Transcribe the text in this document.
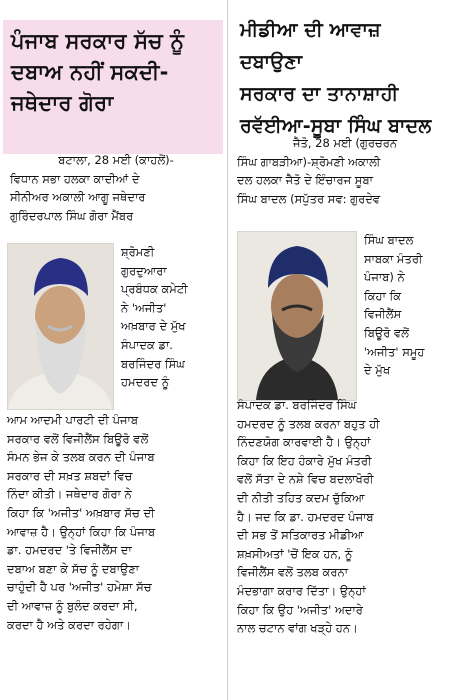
ਪੰਜਾਬ ਸਰਕਾਰ ਸੱਚ ਨੂੰ
ਦਬਾਅ ਨਹੀਂ ਸਕਦੀ-
ਜਥੇਦਾਰ ਗੋਰਾ
ਬਟਾਲਾ, 28 ਮਈ (ਕਾਹਲੋਂ)-
ਵਿਧਾਨ ਸਭਾ ਹਲਕਾ ਕਾਦੀਆਂ ਦੇ
ਸੀਨੀਅਰ ਅਕਾਲੀ ਆਗੂ ਜਥੇਦਾਰ
ਗੁਰਿੰਦਰਪਾਲ ਸਿੰਘ ਗੋਰਾ ਮੈਂਬਰ
ਸ਼੍ਰੋਮਣੀ
ਗੁਰਦੁਆਰਾ
ਪ੍ਰਬੰਧਕ ਕਮੇਟੀ
ਨੇ 'ਅਜੀਤ'
ਅਖ਼ਬਾਰ ਦੇ ਮੁੱਖ
ਸੰਪਾਦਕ ਡਾ.
ਬਰਜਿੰਦਰ ਸਿੰਘ
ਹਮਦਰਦ ਨੂੰ
ਆਮ ਆਦਮੀ ਪਾਰਟੀ ਦੀ ਪੰਜਾਬ
ਸਰਕਾਰ ਵਲੋਂ ਵਿਜੀਲੈਂਸ ਬਿਊਰੋ ਵਲੋਂ
ਸੰਮਨ ਭੇਜ ਕੇ ਤਲਬ ਕਰਨ ਦੀ ਪੰਜਾਬ
ਸਰਕਾਰ ਦੀ ਸਖ਼ਤ ਸ਼ਬਦਾਂ ਵਿਚ
ਨਿੰਦਾ ਕੀਤੀ। ਜਥੇਦਾਰ ਗੋਰਾ ਨੇ
ਕਿਹਾ ਕਿ 'ਅਜੀਤ' ਅਖ਼ਬਾਰ ਸੱਚ ਦੀ
ਆਵਾਜ਼ ਹੈ। ਉਨ੍ਹਾਂ ਕਿਹਾ ਕਿ ਪੰਜਾਬ
ਡਾ. ਹਮਦਰਦ 'ਤੇ ਵਿਜੀਲੈਂਸ ਦਾ
ਦਬਾਅ ਬਣਾ ਕੇ ਸੱਚ ਨੂੰ ਦਬਾਉਣਾ
ਚਾਹੁੰਦੀ ਹੈ ਪਰ 'ਅਜੀਤ' ਹਮੇਸ਼ਾ ਸੱਚ
ਦੀ ਆਵਾਜ਼ ਨੂੰ ਬੁਲੰਦ ਕਰਦਾ ਸੀ,
ਕਰਦਾ ਹੈ ਅਤੇ ਕਰਦਾ ਰਹੇਗਾ।
ਮੀਡੀਆ ਦੀ ਆਵਾਜ਼ ਦਬਾਉਣਾ
ਸਰਕਾਰ ਦਾ ਤਾਨਾਸ਼ਾਹੀ
ਰਵੱਈਆ-ਸੂਬਾ ਸਿੰਘ ਬਾਦਲ
ਜੈਤੋ, 28 ਮਈ (ਗੁਰਚਰਨ
ਸਿੰਘ ਗਾਬੜੀਆ)-ਸ਼੍ਰੋਮਣੀ ਅਕਾਲੀ
ਦਲ ਹਲਕਾ ਜੈਤੋ ਦੇ ਇੰਚਾਰਜ ਸੂਬਾ
ਸਿੰਘ ਬਾਦਲ (ਸਪੁੱਤਰ ਸਵ: ਗੁਰਦੇਵ
ਸਿੰਘ ਬਾਦਲ
ਸਾਬਕਾ ਮੰਤਰੀ
ਪੰਜਾਬ) ਨੇ
ਕਿਹਾ ਕਿ
ਵਿਜੀਲੈਂਸ
ਬਿਊਰੋ ਵਲੋਂ
'ਅਜੀਤ' ਸਮੂਹ
ਦੇ ਮੁੱਖ
ਸੰਪਾਦਕ ਡਾ. ਬਰਜਿੰਦਰ ਸਿੰਘ
ਹਮਦਰਦ ਨੂੰ ਤਲਬ ਕਰਨਾ ਬਹੁਤ ਹੀ
ਨਿੰਦਣਯੋਗ ਕਾਰਵਾਈ ਹੈ। ਉਨ੍ਹਾਂ
ਕਿਹਾ ਕਿ ਇਹ ਹੰਕਾਰੇ ਮੁੱਖ ਮੰਤਰੀ
ਵਲੋਂ ਸੱਤਾ ਦੇ ਨਸ਼ੇ ਵਿਚ ਬਦਲਾਖੋਰੀ
ਦੀ ਨੀਤੀ ਤਹਿਤ ਕਦਮ ਚੁੱਕਿਆ
ਹੈ। ਜਦ ਕਿ ਡਾ. ਹਮਦਰਦ ਪੰਜਾਬ
ਦੀ ਸਭ ਤੋਂ ਸਤਿਕਾਰਤ ਮੀਡੀਆ
ਸ਼ਖ਼ਸੀਅਤਾਂ 'ਚੋਂ ਇਕ ਹਨ, ਨੂੰ
ਵਿਜੀਲੈਂਸ ਵਲੋਂ ਤਲਬ ਕਰਨਾ
ਮੰਦਭਾਗਾ ਕਰਾਰ ਦਿੱਤਾ। ਉਨ੍ਹਾਂ
ਕਿਹਾ ਕਿ ਉਹ 'ਅਜੀਤ' ਅਦਾਰੇ
ਨਾਲ ਚਟਾਨ ਵਾਂਗ ਖੜ੍ਹੇ ਹਨ।
